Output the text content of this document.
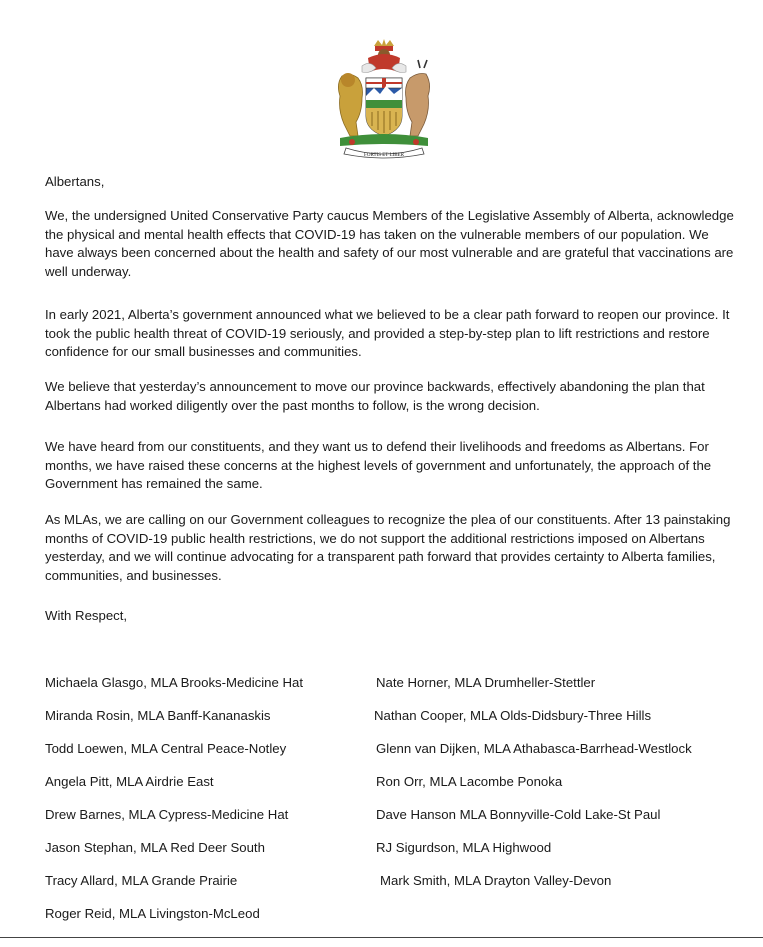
FORTIS ET LIBER
Albertans,

We, the undersigned United Conservative Party caucus Members of the Legislative Assembly of Alberta, acknowledge the physical and mental health effects that COVID-19 has taken on the vulnerable members of our population. We have always been concerned about the health and safety of our most vulnerable and are grateful that vaccinations are well underway.

In early 2021, Alberta’s government announced what we believed to be a clear path forward to reopen our province. It took the public health threat of COVID-19 seriously, and provided a step-by-step plan to lift restrictions and restore confidence for our small businesses and communities.

We believe that yesterday’s announcement to move our province backwards, effectively abandoning the plan that Albertans had worked diligently over the past months to follow, is the wrong decision.

We have heard from our constituents, and they want us to defend their livelihoods and freedoms as Albertans. For months, we have raised these concerns at the highest levels of government and unfortunately, the approach of the Government has remained the same.

As MLAs, we are calling on our Government colleagues to recognize the plea of our constituents. After 13 painstaking months of COVID-19 public health restrictions, we do not support the additional restrictions imposed on Albertans yesterday, and we will continue advocating for a transparent path forward that provides certainty to Alberta families, communities, and businesses.

With Respect,
Michaela Glasgo, MLA Brooks-Medicine Hat
Miranda Rosin, MLA Banff-Kananaskis
Todd Loewen, MLA Central Peace-Notley
Angela Pitt, MLA Airdrie East
Drew Barnes, MLA Cypress-Medicine Hat
Jason Stephan, MLA Red Deer South
Tracy Allard, MLA Grande Prairie
Roger Reid, MLA Livingston-McLeod
Nate Horner, MLA Drumheller-Stettler
Nathan Cooper, MLA Olds-Didsbury-Three Hills
Glenn van Dijken, MLA Athabasca-Barrhead-Westlock
Ron Orr, MLA Lacombe Ponoka
Dave Hanson MLA Bonnyville-Cold Lake-St Paul
RJ Sigurdson, MLA Highwood
Mark Smith, MLA Drayton Valley-Devon
